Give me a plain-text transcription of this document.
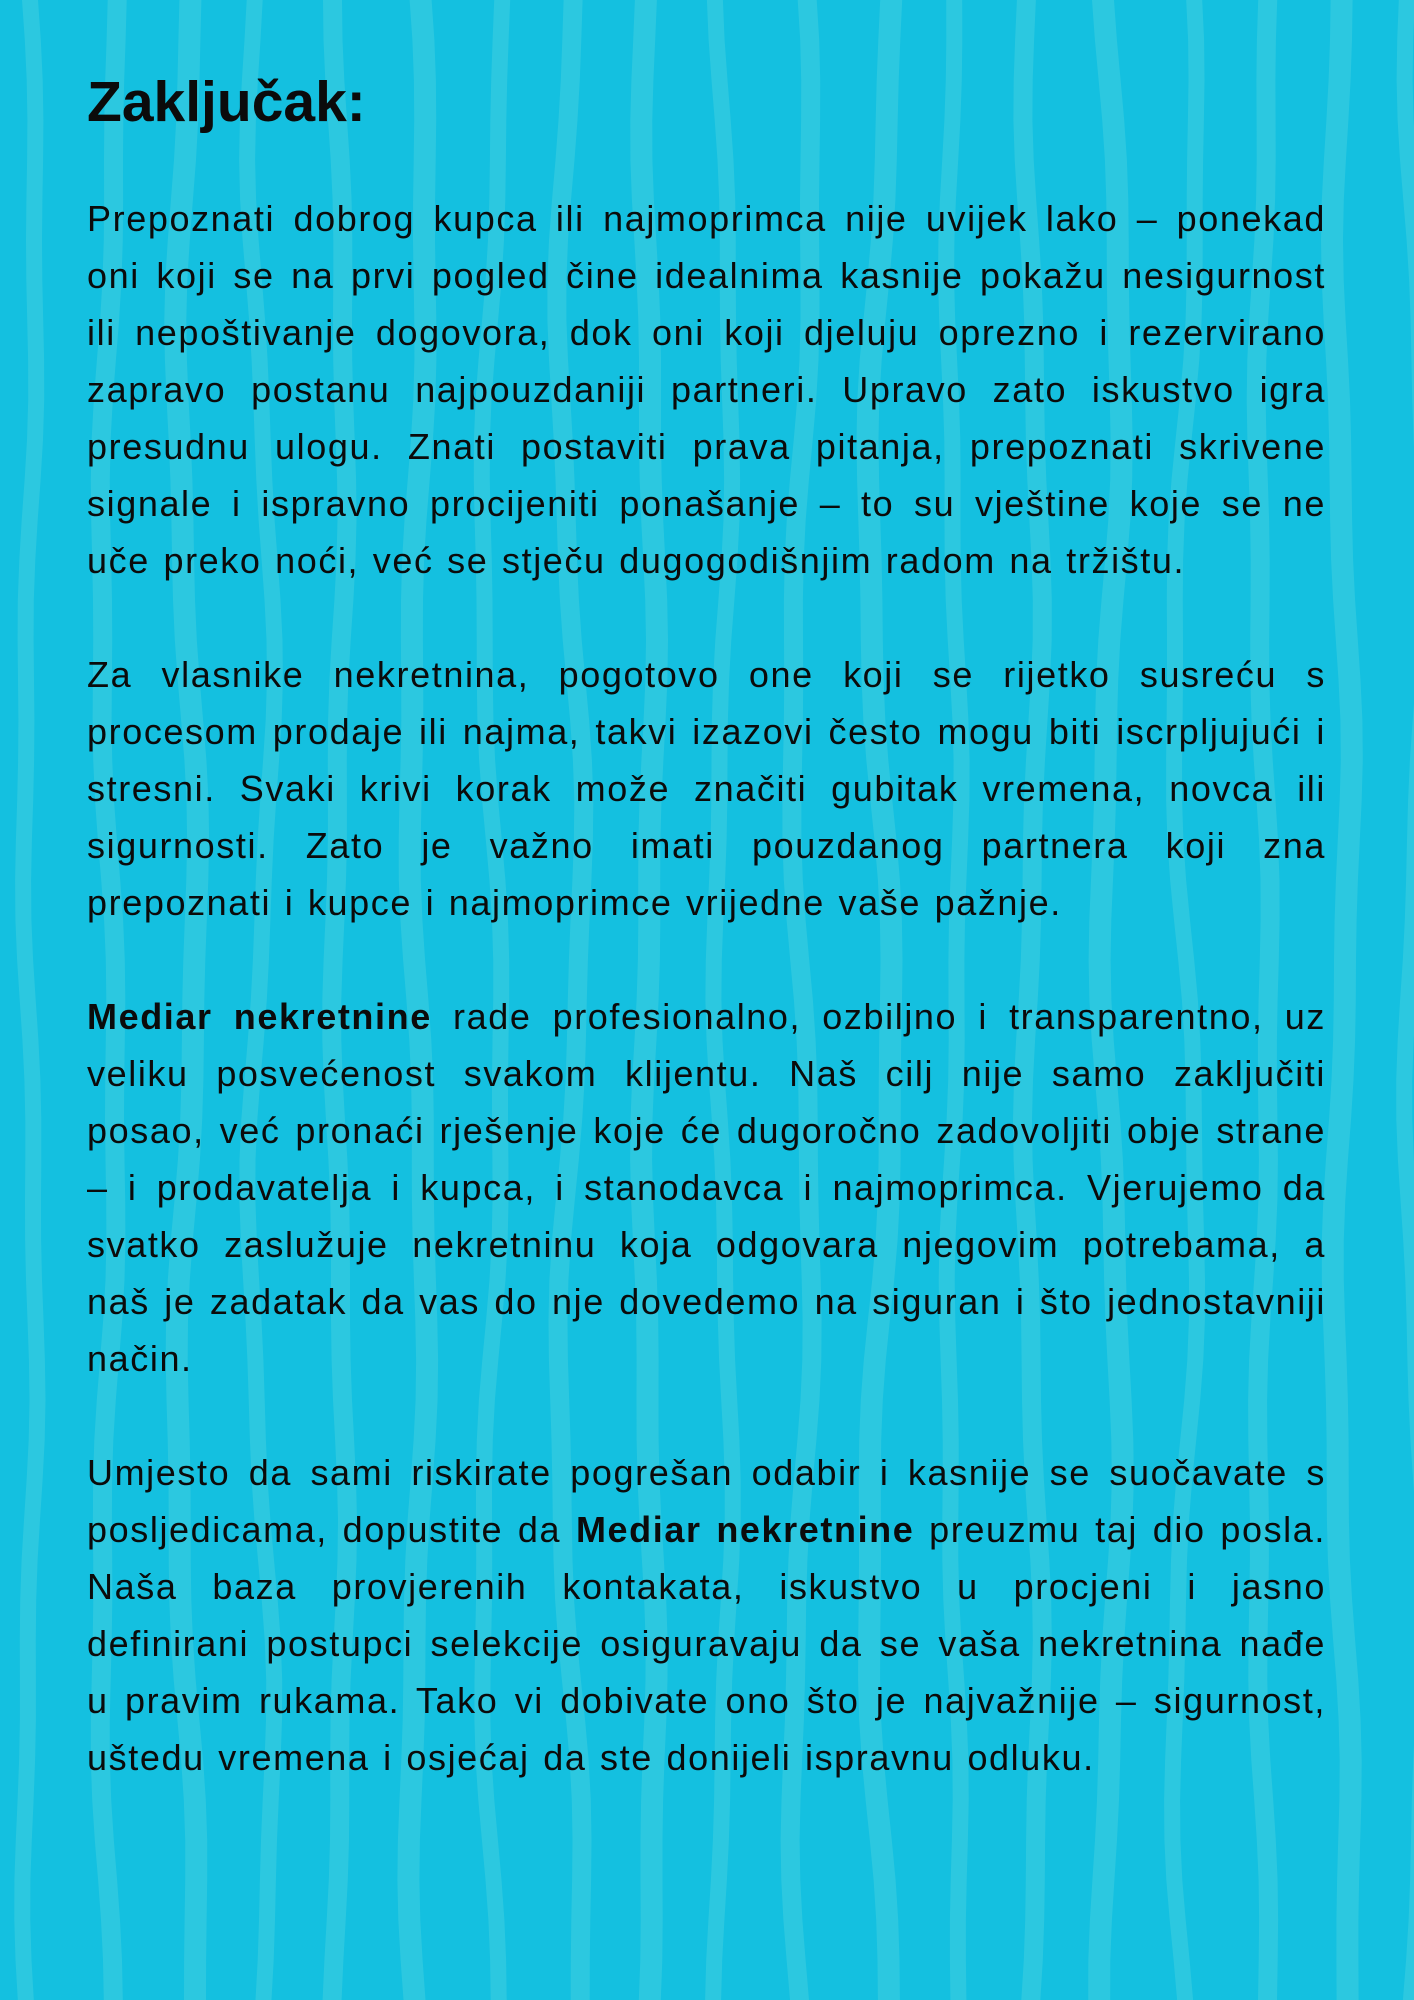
Zaključak:

Prepoznati dobrog kupca ili najmoprimca nije uvijek lako – ponekad oni koji se na prvi pogled čine idealnima kasnije pokažu nesigurnost ili nepoštivanje dogovora, dok oni koji djeluju oprezno i rezervirano zapravo postanu najpouzdaniji partneri. Upravo zato iskustvo igra presudnu ulogu. Znati postaviti prava pitanja, prepoznati skrivene signale i ispravno procijeniti ponašanje – to su vještine koje se ne uče preko noći, već se stječu dugogodišnjim radom na tržištu.

Za vlasnike nekretnina, pogotovo one koji se rijetko susreću s procesom prodaje ili najma, takvi izazovi često mogu biti iscrpljujući i stresni. Svaki krivi korak može značiti gubitak vremena, novca ili sigurnosti. Zato je važno imati pouzdanog partnera koji zna prepoznati i kupce i najmoprimce vrijedne vaše pažnje.

Mediar nekretnine rade profesionalno, ozbiljno i transparentno, uz veliku posvećenost svakom klijentu. Naš cilj nije samo zaključiti posao, već pronaći rješenje koje će dugoročno zadovoljiti obje strane – i prodavatelja i kupca, i stanodavca i najmoprimca. Vjerujemo da svatko zaslužuje nekretninu koja odgovara njegovim potrebama, a naš je zadatak da vas do nje dovedemo na siguran i što jednostavniji način.

Umjesto da sami riskirate pogrešan odabir i kasnije se suočavate s posljedicama, dopustite da Mediar nekretnine preuzmu taj dio posla. Naša baza provjerenih kontakata, iskustvo u procjeni i jasno definirani postupci selekcije osiguravaju da se vaša nekretnina nađe u pravim rukama. Tako vi dobivate ono što je najvažnije – sigurnost, uštedu vremena i osjećaj da ste donijeli ispravnu odluku.
